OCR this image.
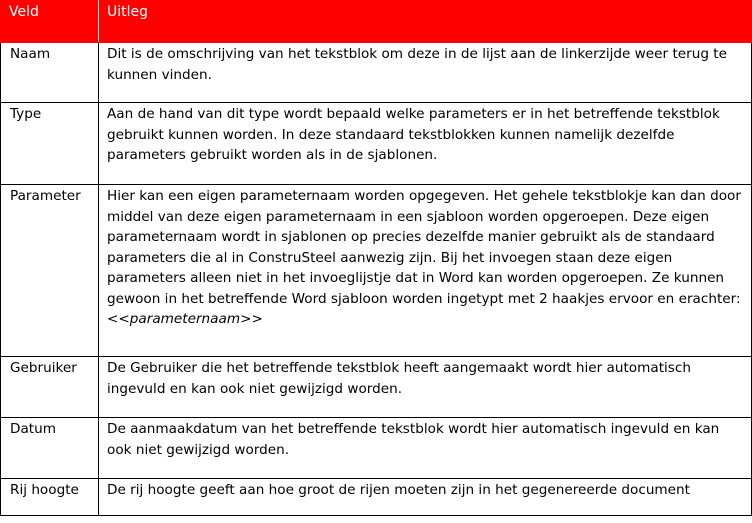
Veld	Uitleg
Naam	Dit is de omschrijving van het tekstblok om deze in de lijst aan de linkerzijde weer terug te kunnen vinden.
Type	Aan de hand van dit type wordt bepaald welke parameters er in het betreffende tekstblok gebruikt kunnen worden. In deze standaard tekstblokken kunnen namelijk dezelfde parameters gebruikt worden als in de sjablonen.
Parameter	Hier kan een eigen parameternaam worden opgegeven. Het gehele tekstblokje kan dan door middel van deze eigen parameternaam in een sjabloon worden opgeroepen. Deze eigen parameternaam wordt in sjablonen op precies dezelfde manier gebruikt als de standaard parameters die al in ConstruSteel aanwezig zijn. Bij het invoegen staan deze eigen parameters alleen niet in het invoeglijstje dat in Word kan worden opgeroepen. Ze kunnen gewoon in het betreffende Word sjabloon worden ingetypt met 2 haakjes ervoor en erachter: <<parameternaam>>
Gebruiker	De Gebruiker die het betreffende tekstblok heeft aangemaakt wordt hier automatisch ingevuld en kan ook niet gewijzigd worden.
Datum	De aanmaakdatum van het betreffende tekstblok wordt hier automatisch ingevuld en kan ook niet gewijzigd worden.
Rij hoogte	De rij hoogte geeft aan hoe groot de rijen moeten zijn in het gegenereerde document
